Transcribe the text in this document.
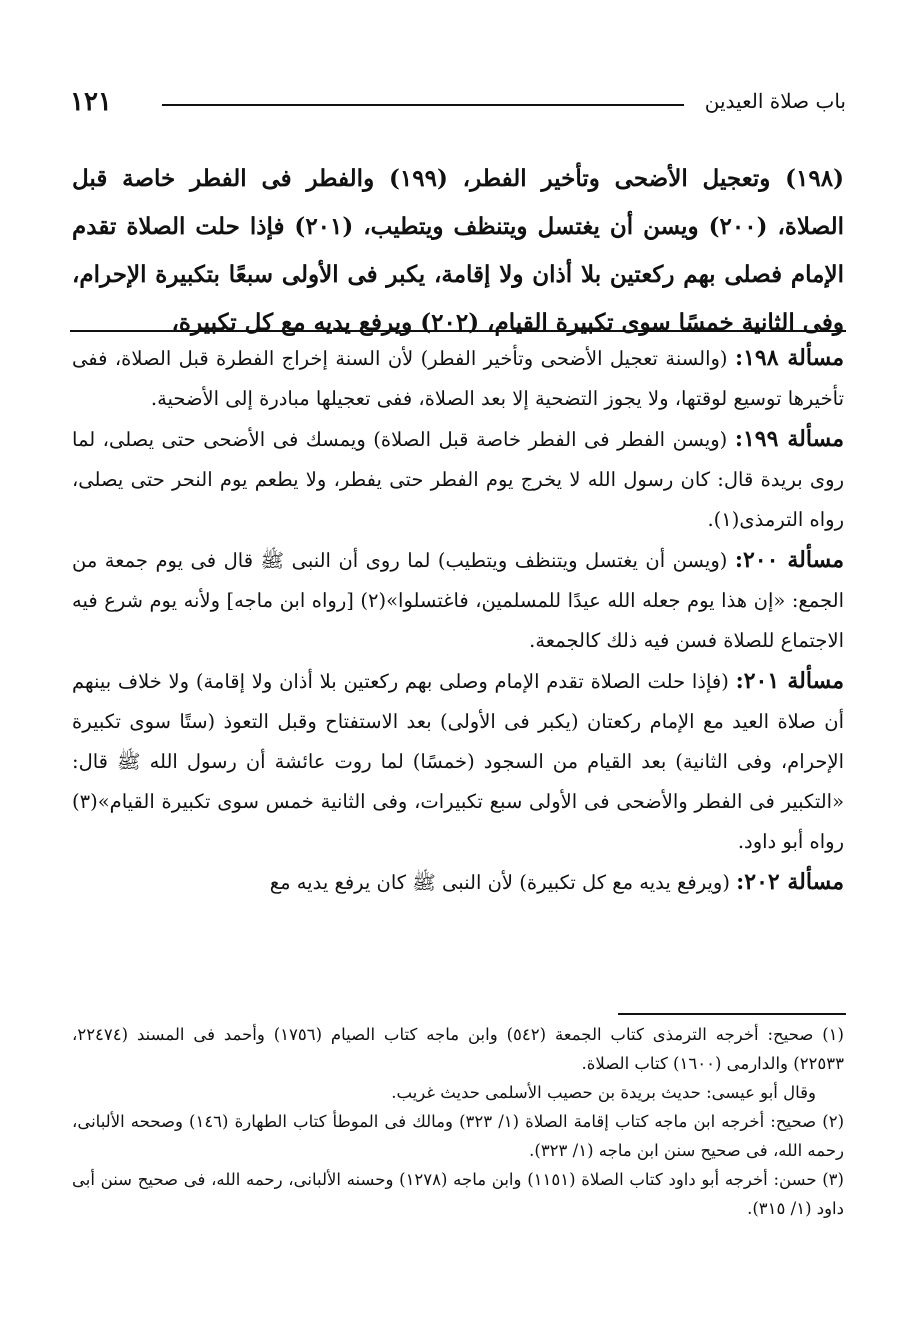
باب صلاة العيدين
١٢١

(١٩٨) وتعجيل الأضحى وتأخير الفطر، (١٩٩) والفطر فى الفطر خاصة قبل الصلاة، (٢٠٠) ويسن أن يغتسل ويتنظف ويتطيب، (٢٠١) فإذا حلت الصلاة تقدم الإمام فصلى بهم ركعتين بلا أذان ولا إقامة، يكبر فى الأولى سبعًا بتكبيرة الإحرام، وفى الثانية خمسًا سوى تكبيرة القيام، (٢٠٢) ويرفع يديه مع كل تكبيرة،

مسألة ١٩٨: (والسنة تعجيل الأضحى وتأخير الفطر) لأن السنة إخراج الفطرة قبل الصلاة، ففى تأخيرها توسيع لوقتها، ولا يجوز التضحية إلا بعد الصلاة، ففى تعجيلها مبادرة إلى الأضحية.

مسألة ١٩٩: (ويسن الفطر فى الفطر خاصة قبل الصلاة) ويمسك فى الأضحى حتى يصلى، لما روى بريدة قال: كان رسول الله لا يخرج يوم الفطر حتى يفطر، ولا يطعم يوم النحر حتى يصلى، رواه الترمذى(١).

مسألة ٢٠٠: (ويسن أن يغتسل ويتنظف ويتطيب) لما روى أن النبى ﷺ قال فى يوم جمعة من الجمع: «إن هذا يوم جعله الله عيدًا للمسلمين، فاغتسلوا»(٢) [رواه ابن ماجه] ولأنه يوم شرع فيه الاجتماع للصلاة فسن فيه ذلك كالجمعة.

مسألة ٢٠١: (فإذا حلت الصلاة تقدم الإمام وصلى بهم ركعتين بلا أذان ولا إقامة) ولا خلاف بينهم أن صلاة العيد مع الإمام ركعتان (يكبر فى الأولى) بعد الاستفتاح وقبل التعوذ (ستًا سوى تكبيرة الإحرام، وفى الثانية) بعد القيام من السجود (خمسًا) لما روت عائشة أن رسول الله ﷺ قال: «التكبير فى الفطر والأضحى فى الأولى سبع تكبيرات، وفى الثانية خمس سوى تكبيرة القيام»(٣) رواه أبو داود.

مسألة ٢٠٢: (ويرفع يديه مع كل تكبيرة) لأن النبى ﷺ كان يرفع يديه مع

(١) صحيح: أخرجه الترمذى كتاب الجمعة (٥٤٢) وابن ماجه كتاب الصيام (١٧٥٦) وأحمد فى المسند (٢٢٤٧٤، ٢٢٥٣٣) والدارمى (١٦٠٠) كتاب الصلاة.

وقال أبو عيسى: حديث بريدة بن حصيب الأسلمى حديث غريب.

(٢) صحيح: أخرجه ابن ماجه كتاب إقامة الصلاة (١/ ٣٢٣) ومالك فى الموطأ كتاب الطهارة (١٤٦) وصححه الألبانى، رحمه الله، فى صحيح سنن ابن ماجه (١/ ٣٢٣).

(٣) حسن: أخرجه أبو داود كتاب الصلاة (١١٥١) وابن ماجه (١٢٧٨) وحسنه الألبانى، رحمه الله، فى صحيح سنن أبى داود (١/ ٣١٥).
